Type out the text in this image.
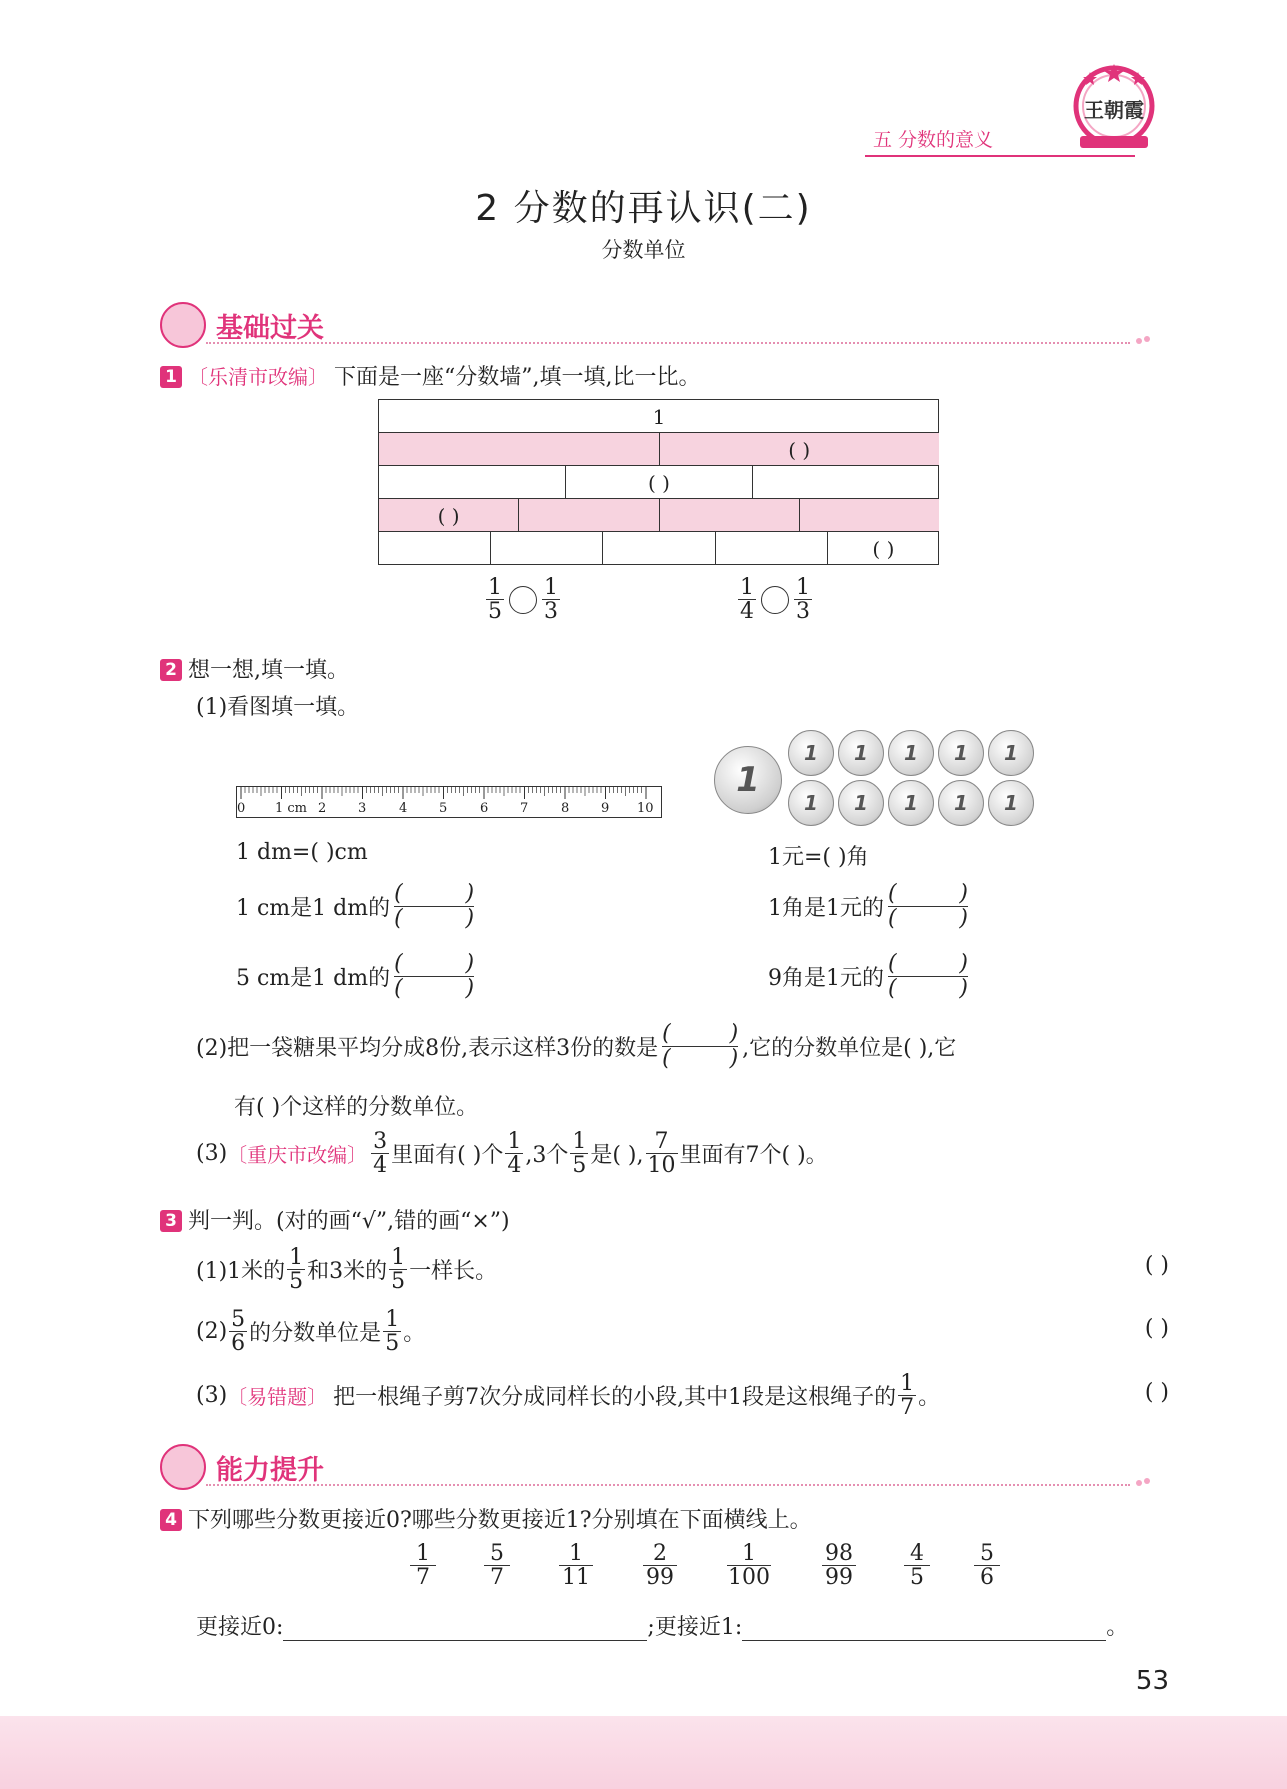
五 分数的意义
王朝霞
2 分数的再认识(二)
分数单位
基础过关
1 〔乐清市改编〕 下面是一座“分数墙”,填一填,比一比。
1
( )
( )
( )
( )
$\frac{1}{5} \frac{1}{3}$	$\frac{1}{4} \frac{1}{3}$
2 想一想,填一填。
(1)看图填一填。
0 1 cm 2 3	4 5	6 7	8 9 10
1
1 1 1 1 1
1 1 1 1 1
1 dm=( )cm
1 cm是1 dm的
(	)
(	)
5 cm是1 dm的
(	)
(	)
1元=( )角
1角是1元的
(	)
(	)
9角是1元的
(	)
(	)
(2)把一袋糖果平均分成8份,表示这样3份的数是
(	)
(	) ,它的分数单位是( ),它
有( )个这样的分数单位。
(3) 〔重庆市改编〕 $\frac{3}{4}$ 里面有( )个 $\frac{1}{4} ,3$个 $\frac{1}{5}$ 是( ), $\frac{7}{10}$ 里面有7个( )。
3 判一判。(对的画“√”,错的画“×”)
(1)1米的 $\frac{1}{5}$ 和3米的 $\frac{1}{5}$ 一样长。	( )
$(2) \frac{5}{6}$ 的分数单位是 $\frac{1}{5}$ 。	( )
(3) 〔易错题〕 把一根绳子剪7次分成同样长的小段,其中1段是这根绳子的 $\frac{1}{7}$ 。	( )
能力提升
4 下列哪些分数更接近0?哪些分数更接近1?分别填在下面横线上。
$\frac{1}{7} \frac{5}{7} \frac{1}{11} \frac{2}{99} \frac{1}{100} \frac{98}{99} \frac{4}{5} \frac{5}{6}$
更接近0:	;更接近1:	。
53
